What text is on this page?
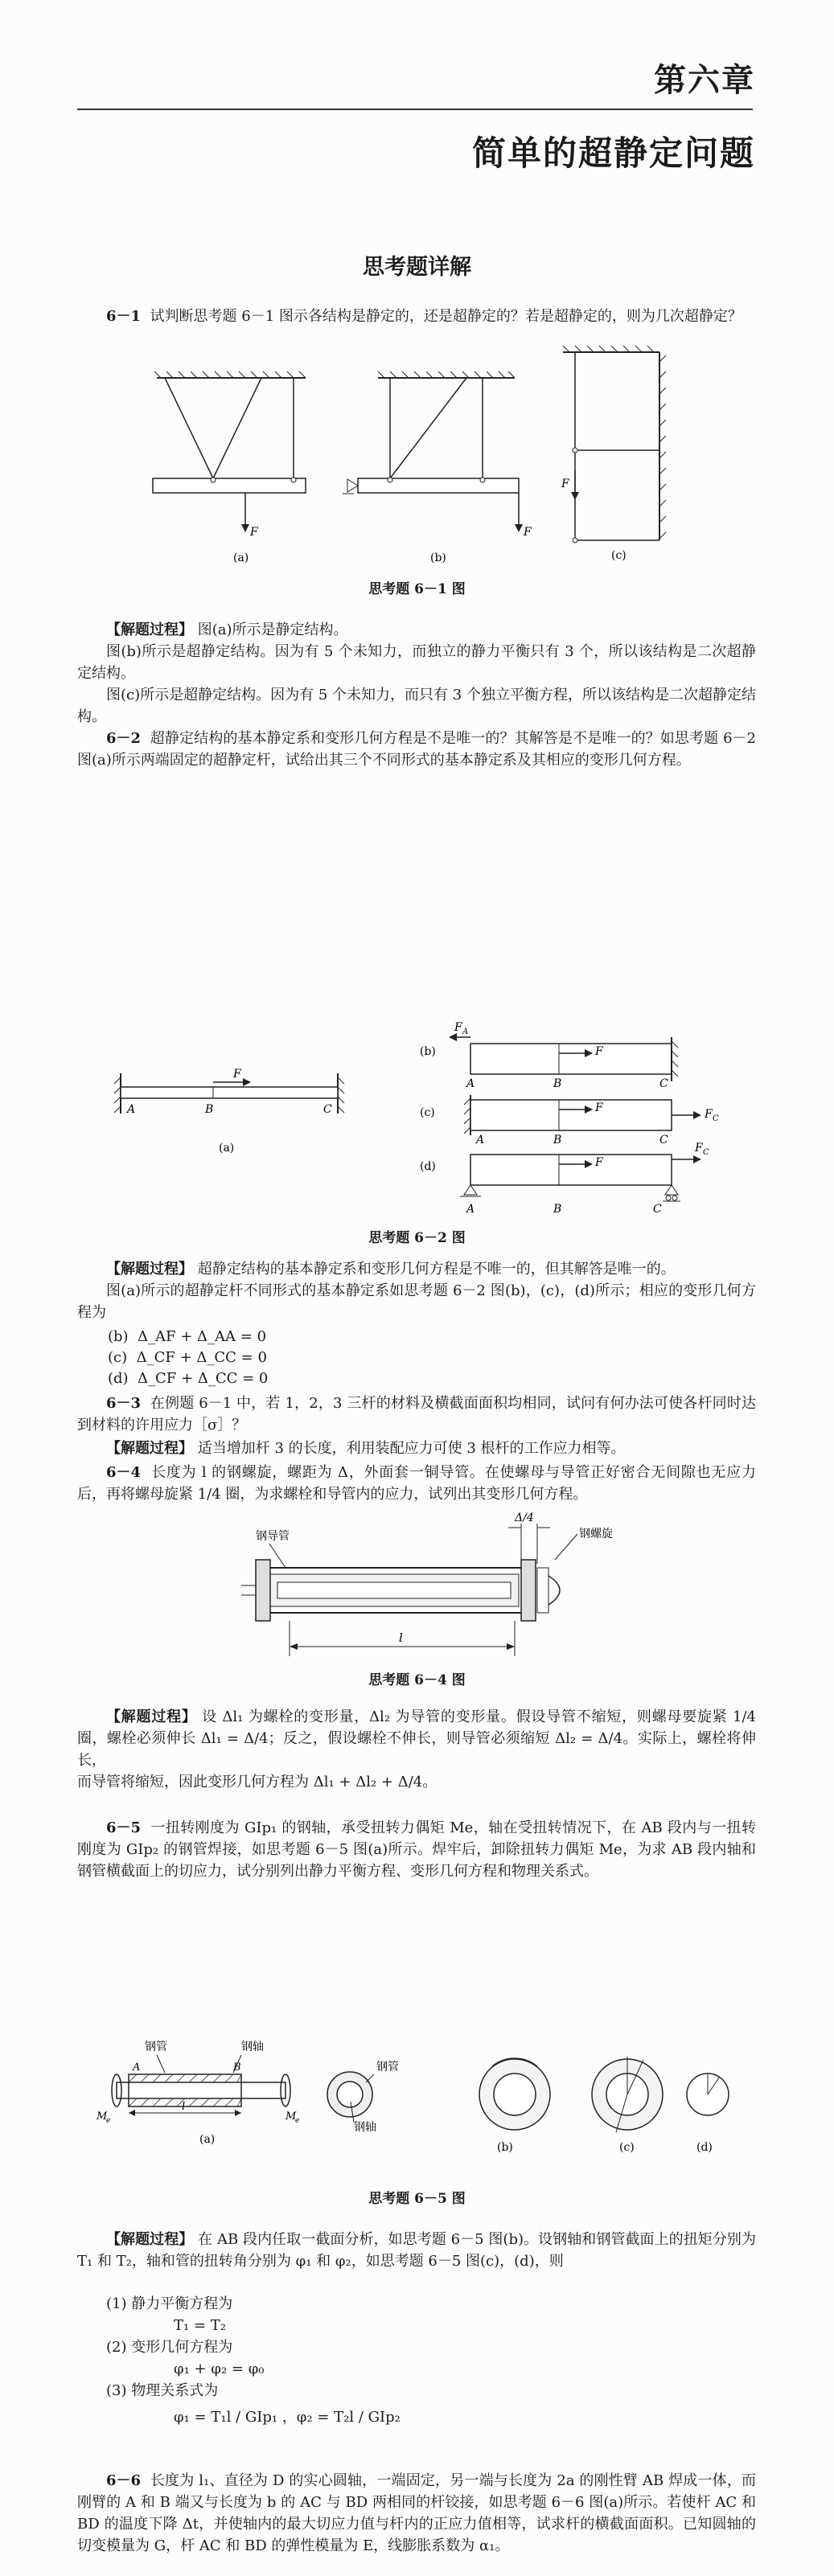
第六章
简单的超静定问题
思考题详解
6－1 试判断思考题 6－1 图示各结构是静定的，还是超静定的？若是超静定的，则为几次超静定？
F
(a)
F
(b)
F
(c)
思考题 6－1 图
【解题过程】 图(a)所示是静定结构。
图(b)所示是超静定结构。因为有 5 个未知力，而独立的静力平衡只有 3 个，所以该结构是二次超静定结构。
图(c)所示是超静定结构。因为有 5 个未知力，而只有 3 个独立平衡方程，所以该结构是二次超静定结构。
6－2 超静定结构的基本静定系和变形几何方程是不是唯一的？其解答是不是唯一的？如思考题 6－2 图(a)所示两端固定的超静定杆，试给出其三个不同形式的基本静定系及其相应的变形几何方程。
F
A	B	C
(a)
(b)
F A
F
A	B	C
(c)	F	F C
A	B	C
(d)	F
F C
A	B	C
思考题 6－2 图
【解题过程】 超静定结构的基本静定系和变形几何方程是不唯一的，但其解答是唯一的。
图(a)所示的超静定杆不同形式的基本静定系如思考题 6－2 图(b)，(c)，(d)所示；相应的变形几何方程为
(b) Δ_AF + Δ_AA = 0
(c) Δ_CF + Δ_CC = 0
(d) Δ_CF + Δ_CC = 0
6－3 在例题 6－1 中，若 1，2，3 三杆的材料及横截面面积均相同，试问有何办法可使各杆同时达到材料的许用应力［σ］？
【解题过程】 适当增加杆 3 的长度，利用装配应力可使 3 根杆的工作应力相等。
6－4 长度为 l 的钢螺旋，螺距为 Δ，外面套一铜导管。在使螺母与导管正好密合无间隙也无应力后，再将螺母旋紧 1/4 圈，为求螺栓和导管内的应力，试列出其变形几何方程。
钢导管	钢螺旋
Δ/4
l
思考题 6－4 图
【解题过程】 设 Δl₁ 为螺栓的变形量，Δl₂ 为导管的变形量。假设导管不缩短，则螺母要旋紧 1/4 圈，螺栓必须伸长 Δl₁ = Δ/4；反之，假设螺栓不伸长，则导管必须缩短 Δl₂ = Δ/4。实际上，螺栓将伸长，
而导管将缩短，因此变形几何方程为 Δl₁ + Δl₂ + Δ/4。
6－5 一扭转刚度为 GIp₁ 的钢轴，承受扭转力偶矩 Me，轴在受扭转情况下，在 AB 段内与一扭转刚度为 GIp₂ 的钢管焊接，如思考题 6－5 图(a)所示。焊牢后，卸除扭转力偶矩 Me，为求 AB 段内轴和钢管横截面上的切应力，试分别列出静力平衡方程、变形几何方程和物理关系式。
钢管	钢轴
A	B
M
e	M
e
l
(a)
钢管
钢轴
(b)	(c)	(d)
思考题 6－5 图
【解题过程】 在 AB 段内任取一截面分析，如思考题 6－5 图(b)。设钢轴和钢管截面上的扭矩分别为 T₁ 和 T₂，轴和管的扭转角分别为 φ₁ 和 φ₂，如思考题 6－5 图(c)，(d)，则
(1) 静力平衡方程为
T₁ = T₂
(2) 变形几何方程为
φ₁ + φ₂ = φ₀
(3) 物理关系式为
φ₁ = T₁l / GIp₁ ，φ₂ = T₂l / GIp₂
6－6 长度为 l₁、直径为 D 的实心圆轴，一端固定，另一端与长度为 2a 的刚性臂 AB 焊成一体，而刚臂的 A 和 B 端又与长度为 b 的 AC 与 BD 两相同的杆铰接，如思考题 6－6 图(a)所示。若使杆 AC 和 BD 的温度下降 Δt，并使轴内的最大切应力值与杆内的正应力值相等，试求杆的横截面面积。已知圆轴的切变模量为 G，杆 AC 和 BD 的弹性模量为 E，线膨胀系数为 α₁。
